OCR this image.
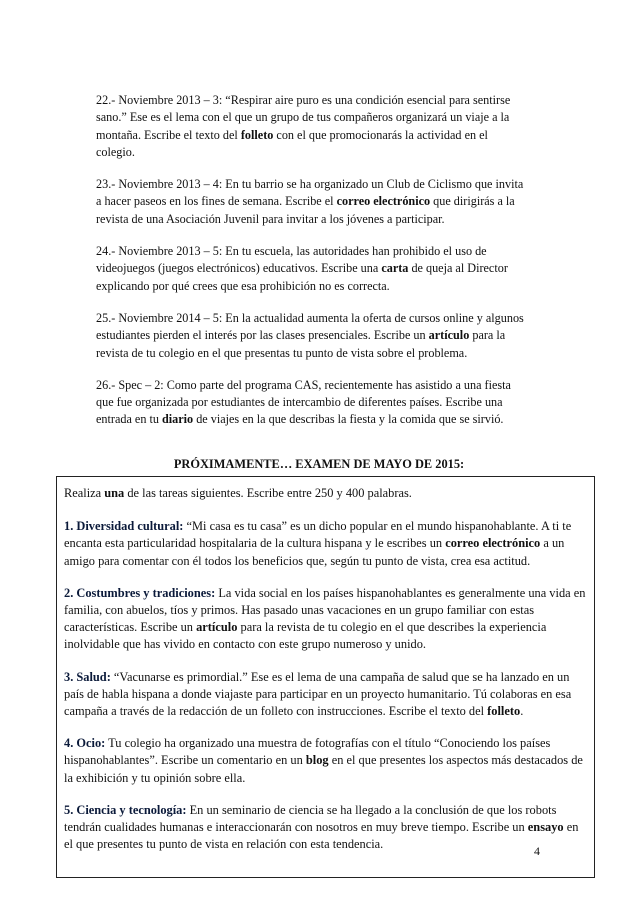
22.- Noviembre 2013 – 3: “Respirar aire puro es una condición esencial para sentirse sano.” Ese es el lema con el que un grupo de tus compañeros organizará un viaje a la montaña. Escribe el texto del folleto con el que promocionarás la actividad en el colegio.

23.- Noviembre 2013 – 4: En tu barrio se ha organizado un Club de Ciclismo que invita a hacer paseos en los fines de semana. Escribe el correo electrónico que dirigirás a la revista de una Asociación Juvenil para invitar a los jóvenes a participar.

24.- Noviembre 2013 – 5: En tu escuela, las autoridades han prohibido el uso de videojuegos (juegos electrónicos) educativos. Escribe una carta de queja al Director explicando por qué crees que esa prohibición no es correcta.

25.- Noviembre 2014 – 5: En la actualidad aumenta la oferta de cursos online y algunos estudiantes pierden el interés por las clases presenciales. Escribe un artículo para la revista de tu colegio en el que presentas tu punto de vista sobre el problema.

26.- Spec – 2: Como parte del programa CAS, recientemente has asistido a una fiesta que fue organizada por estudiantes de intercambio de diferentes países. Escribe una entrada en tu diario de viajes en la que describas la fiesta y la comida que se sirvió.

PRÓXIMAMENTE… EXAMEN DE MAYO DE 2015:

Realiza una de las tareas siguientes. Escribe entre 250 y 400 palabras.

1. Diversidad cultural: “Mi casa es tu casa” es un dicho popular en el mundo hispanohablante. A ti te encanta esta particularidad hospitalaria de la cultura hispana y le escribes un correo electrónico a un amigo para comentar con él todos los beneficios que, según tu punto de vista, crea esa actitud.

2. Costumbres y tradiciones: La vida social en los países hispanohablantes es generalmente una vida en familia, con abuelos, tíos y primos. Has pasado unas vacaciones en un grupo familiar con estas características. Escribe un artículo para la revista de tu colegio en el que describes la experiencia inolvidable que has vivido en contacto con este grupo numeroso y unido.

3. Salud: “Vacunarse es primordial.” Ese es el lema de una campaña de salud que se ha lanzado en un país de habla hispana a donde viajaste para participar en un proyecto humanitario. Tú colaboras en esa campaña a través de la redacción de un folleto con instrucciones. Escribe el texto del folleto.

4. Ocio: Tu colegio ha organizado una muestra de fotografías con el título “Conociendo los países hispanohablantes”. Escribe un comentario en un blog en el que presentes los aspectos más destacados de la exhibición y tu opinión sobre ella.

5. Ciencia y tecnología: En un seminario de ciencia se ha llegado a la conclusión de que los robots tendrán cualidades humanas e interaccionarán con nosotros en muy breve tiempo. Escribe un ensayo en el que presentes tu punto de vista en relación con esta tendencia.	4
